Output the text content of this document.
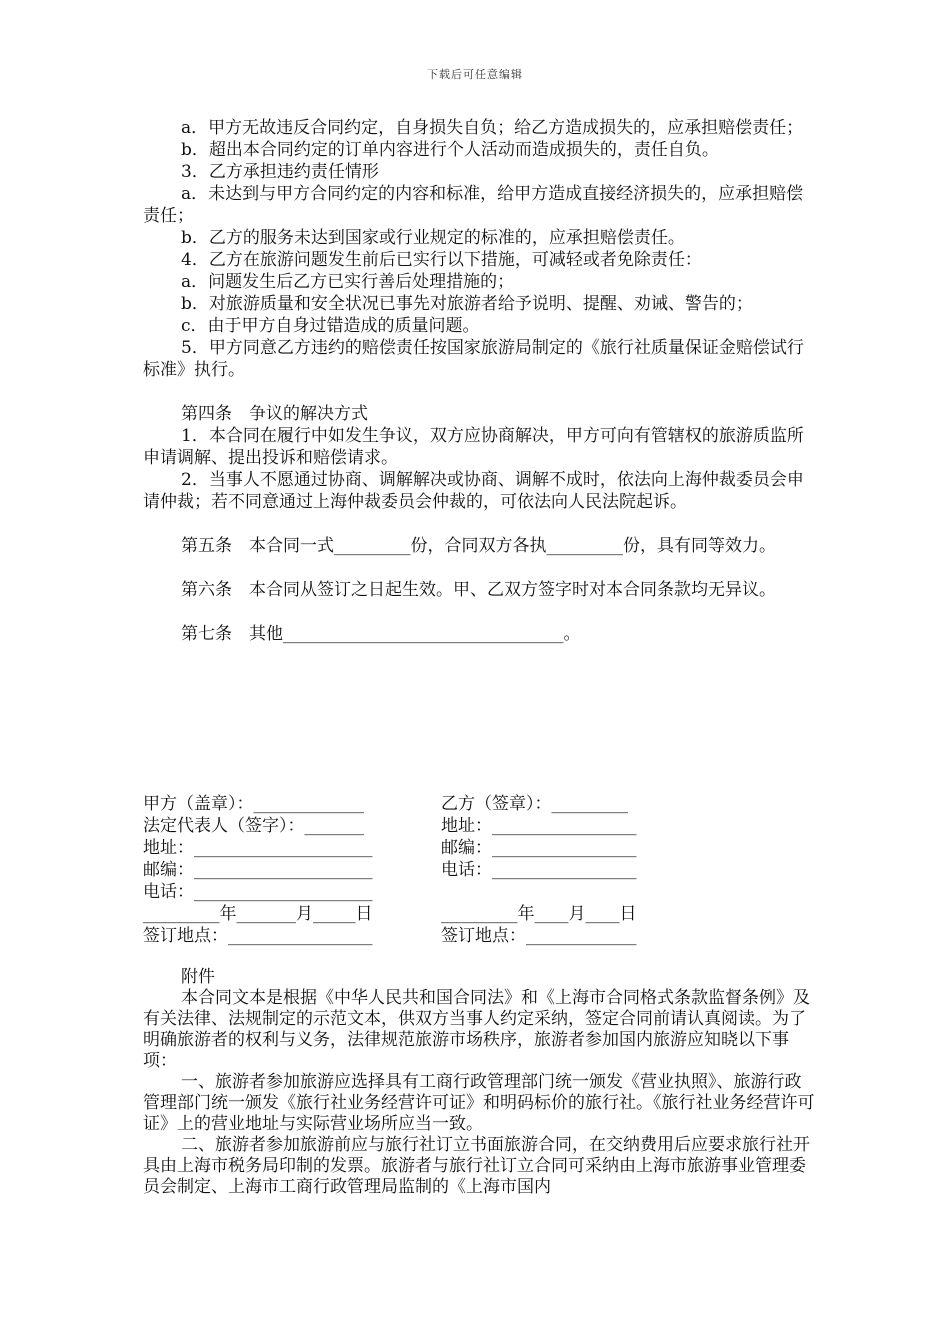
下载后可任意编辑

a．甲方无故违反合同约定，自身损失自负；给乙方造成损失的，应承担赔偿责任；

b．超出本合同约定的订单内容进行个人活动而造成损失的，责任自负。

3．乙方承担违约责任情形

a．未达到与甲方合同约定的内容和标准，给甲方造成直接经济损失的，应承担赔偿责任；

b．乙方的服务未达到国家或行业规定的标准的，应承担赔偿责任。

4．乙方在旅游问题发生前后已实行以下措施，可减轻或者免除责任：

a．问题发生后乙方已实行善后处理措施的；

b．对旅游质量和安全状况已事先对旅游者给予说明、提醒、劝诫、警告的；

c．由于甲方自身过错造成的质量问题。

5．甲方同意乙方违约的赔偿责任按国家旅游局制定的《旅行社质量保证金赔偿试行标准》执行。

第四条　争议的解决方式

1．本合同在履行中如发生争议，双方应协商解决，甲方可向有管辖权的旅游质监所申请调解、提出投诉和赔偿请求。

2．当事人不愿通过协商、调解解决或协商、调解不成时，依法向上海仲裁委员会申请仲裁；若不同意通过上海仲裁委员会仲裁的，可依法向人民法院起诉。

第五条　本合同一式_________份，合同双方各执_________份，具有同等效力。

第六条　本合同从签订之日起生效。甲、乙双方签字时对本合同条款均无异议。

第七条　其他_________________________________。

甲方（盖章）：_____________	乙方（签章）：_________
法定代表人（签字）：_______	地址：_________________
地址：_____________________	邮编：_________________
邮编：_____________________	电话：_________________
电话：_____________________
_________年_______月_____日	_________年____月____日
签订地点：_________________	签订地点：_____________

附件

本合同文本是根据《中华人民共和国合同法》和《上海市合同格式条款监督条例》及有关法律、法规制定的示范文本，供双方当事人约定采纳，签定合同前请认真阅读。为了明确旅游者的权利与义务，法律规范旅游市场秩序，旅游者参加国内旅游应知晓以下事项：

一、旅游者参加旅游应选择具有工商行政管理部门统一颁发《营业执照》、旅游行政管理部门统一颁发《旅行社业务经营许可证》和明码标价的旅行社。《旅行社业务经营许可证》上的营业地址与实际营业场所应当一致。

二、旅游者参加旅游前应与旅行社订立书面旅游合同，在交纳费用后应要求旅行社开具由上海市税务局印制的发票。旅游者与旅行社订立合同可采纳由上海市旅游事业管理委员会制定、上海市工商行政管理局监制的《上海市国内
